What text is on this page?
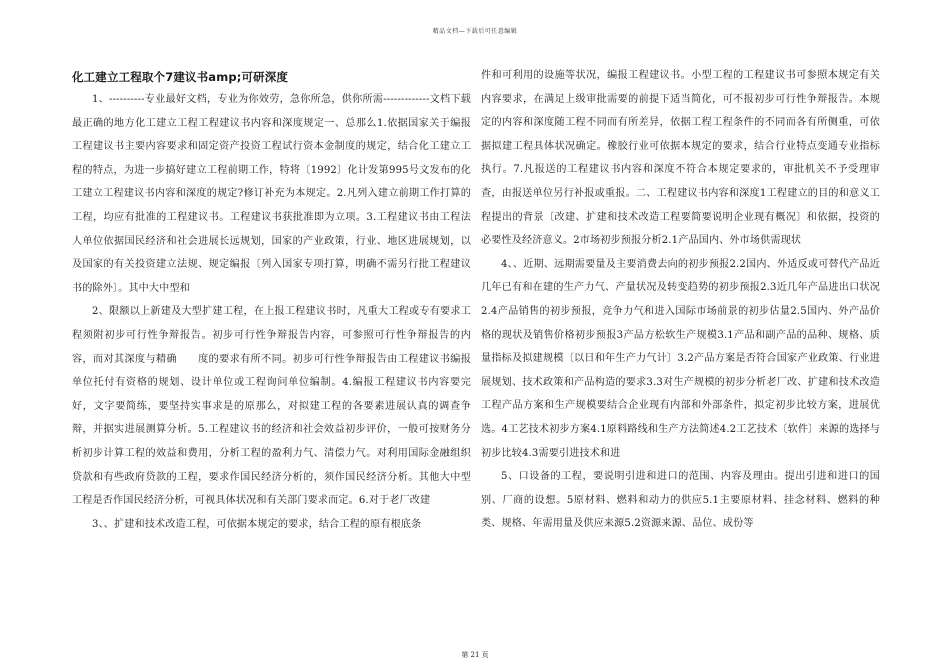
精品文档—下载后可任意编辑
化工建立工程取个7建议书amp;可研深度

1、----------专业最好文档，专业为你效劳，急你所急，供你所需-------------文档下载最正确的地方化工建立工程工程建议书内容和深度规定一、总那么1.依据国家关于编报工程建议书主要内容要求和固定资产投资工程试行资本金制度的规定，结合化工建立工程的特点，为进一步搞好建立工程前期工作，特将〔1992〕化计发第995号文发布的化工建立工程建议书内容和深度的规定?修订补充为本规定。2.凡列入建立前期工作打算的工程，均应有批准的工程建议书。工程建议书获批准即为立项。3.工程建议书由工程法人单位依据国民经济和社会进展长远规划，国家的产业政策，行业、地区进展规划，以及国家的有关投资建立法规、规定编报〔列入国家专项打算，明确不需另行批工程建议书的除外〕。其中大中型和

2、限额以上新建及大型扩建工程，在上报工程建议书时，凡重大工程或专有要求工程须附初步可行性争辩报告。初步可行性争辩报告内容，可参照可行性争辩报告的内容，而对其深度与精确　　度的要求有所不同。初步可行性争辩报告由工程建议书编报单位托付有资格的规划、设计单位或工程询问单位编制。4.编报工程建议书内容要完好，文字要简练，要坚持实事求是的原那么，对拟建工程的各要素进展认真的调查争辩，并据实进展测算分析。5.工程建议书的经济和社会效益初步评价，一般可按财务分析初步计算工程的效益和费用，分析工程的盈利力气、清偿力气。对利用国际金融组织贷款和有些政府贷款的工程，要求作国民经济分析的，须作国民经济分析。其他大中型工程是否作国民经济分析，可视具体状况和有关部门要求而定。6.对于老厂改建

3、、扩建和技术改造工程，可依据本规定的要求，结合工程的原有根底条

件和可利用的设施等状况，编报工程建议书。小型工程的工程建议书可参照本规定有关内容要求，在满足上级审批需要的前提下适当简化，可不报初步可行性争辩报告。本规定的内容和深度随工程不同而有所差异，依据工程工程条件的不同而各有所侧重，可依据拟建工程具体状况确定。橡胶行业可依据本规定的要求，结合行业特点变通专业指标执行。7.凡报送的工程建议书内容和深度不符合本规定要求的，审批机关不予受理审查，由报送单位另行补报或重报。二、工程建议书内容和深度1工程建立的目的和意义工程提出的背景〔改建、扩建和技术改造工程要简要说明企业现有概况〕和依据，投资的必要性及经济意义。2市场初步预报分析2.1产品国内、外市场供需现状

4、、近期、远期需要量及主要消费去向的初步预报2.2国内、外适反或可替代产品近几年已有和在建的生产力气、产量状况及转变趋势的初步预报2.3近几年产品进出口状况2.4产品销售的初步预报，竞争力气和进入国际市场前景的初步估量2.5国内、外产品价格的现状及销售价格初步预报3产品方松软生产规模3.1产品和副产品的品种、规格、质量指标及拟建规模〔以日和年生产力气计〕3.2产品方案是否符合国家产业政策、行业进展规划、技术政策和产品构造的要求3.3对生产规模的初步分析老厂改、扩建和技术改造工程产品方案和生产规模要结合企业现有内部和外部条件，拟定初步比较方案，进展优选。4工艺技术初步方案4.1原料路线和生产方法简述4.2工艺技术〔软件〕来源的选择与初步比较4.3需要引进技术和进

5、口设备的工程，要说明引进和进口的范围、内容及理由。提出引进和进口的国别、厂商的设想。5原材料、燃料和动力的供应5.1主要原材料、挂念材料、燃料的种类、规格、年需用量及供应来源5.2资源来源、品位、成份等

第 21 页
